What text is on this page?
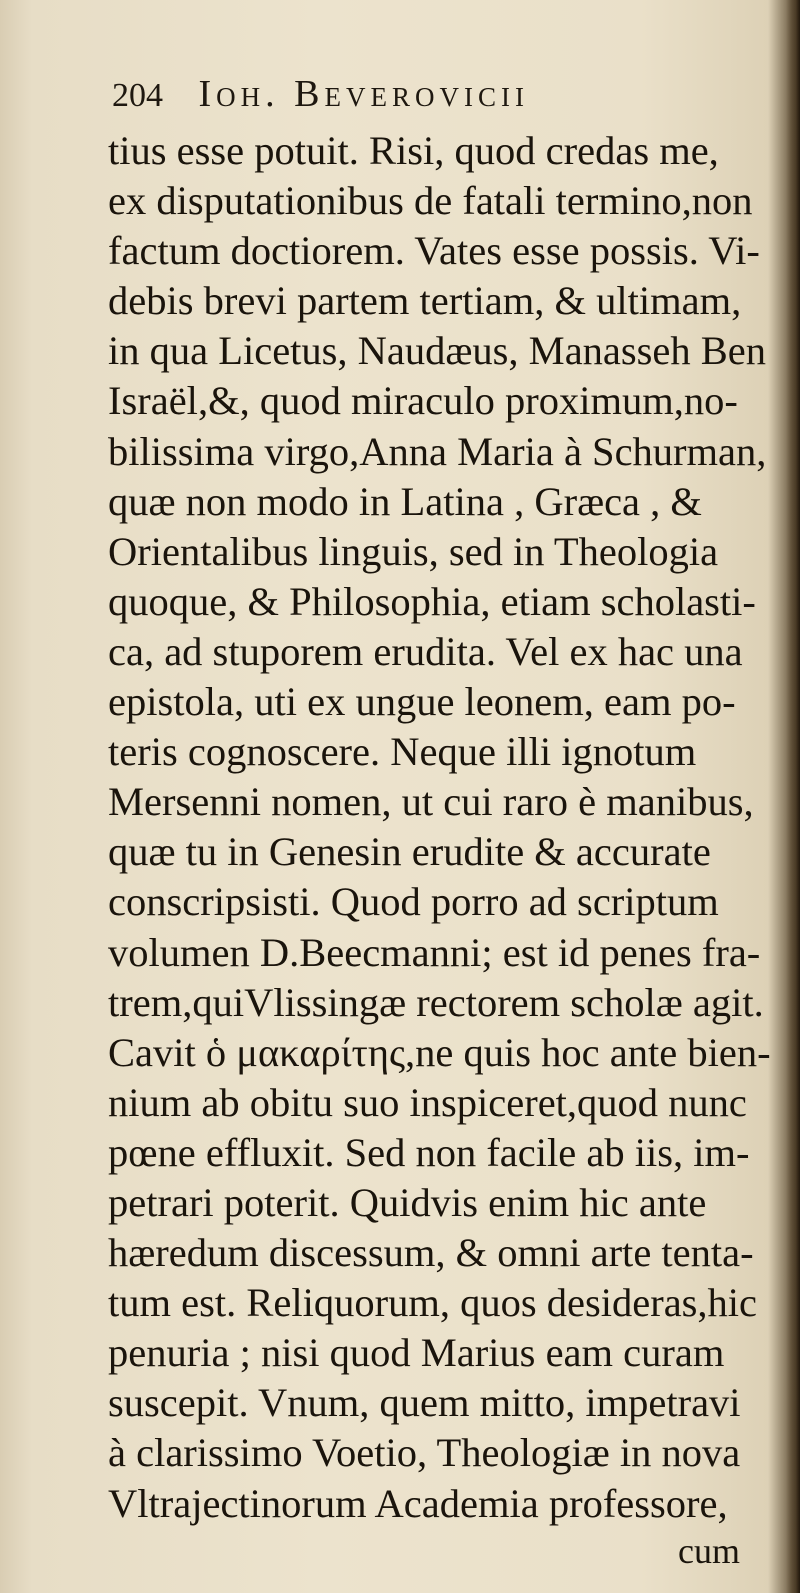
204 Ioh. Beverovicii
tius esse potuit. Risi, quod credas me,
ex disputationibus de fatali termino,non
factum doctiorem. Vates esse possis. Vi-
debis brevi partem tertiam, & ultimam,
in qua Licetus, Naudæus, Manasseh Ben
Israël,&, quod miraculo proximum,no-
bilissima virgo,Anna Maria à Schurman,
quæ non modo in Latina , Græca , &
Orientalibus linguis, sed in Theologia
quoque, & Philosophia, etiam scholasti-
ca, ad stuporem erudita. Vel ex hac una
epistola, uti ex ungue leonem, eam po-
teris cognoscere. Neque illi ignotum
Mersenni nomen, ut cui raro è manibus,
quæ tu in Genesin erudite & accurate
conscripsisti. Quod porro ad scriptum
volumen D.Beecmanni; est id penes fra-
trem,quiVlissingæ rectorem scholæ agit.
Cavit ὁ μακαρίτης,ne quis hoc ante bien-
nium ab obitu suo inspiceret,quod nunc
pœne effluxit. Sed non facile ab iis, im-
petrari poterit. Quidvis enim hic ante
hæredum discessum, & omni arte tenta-
tum est. Reliquorum, quos desideras,hic
penuria ; nisi quod Marius eam curam
suscepit. Vnum, quem mitto, impetravi
à clarissimo Voetio, Theologiæ in nova
Vltrajectinorum Academia professore,
cum
